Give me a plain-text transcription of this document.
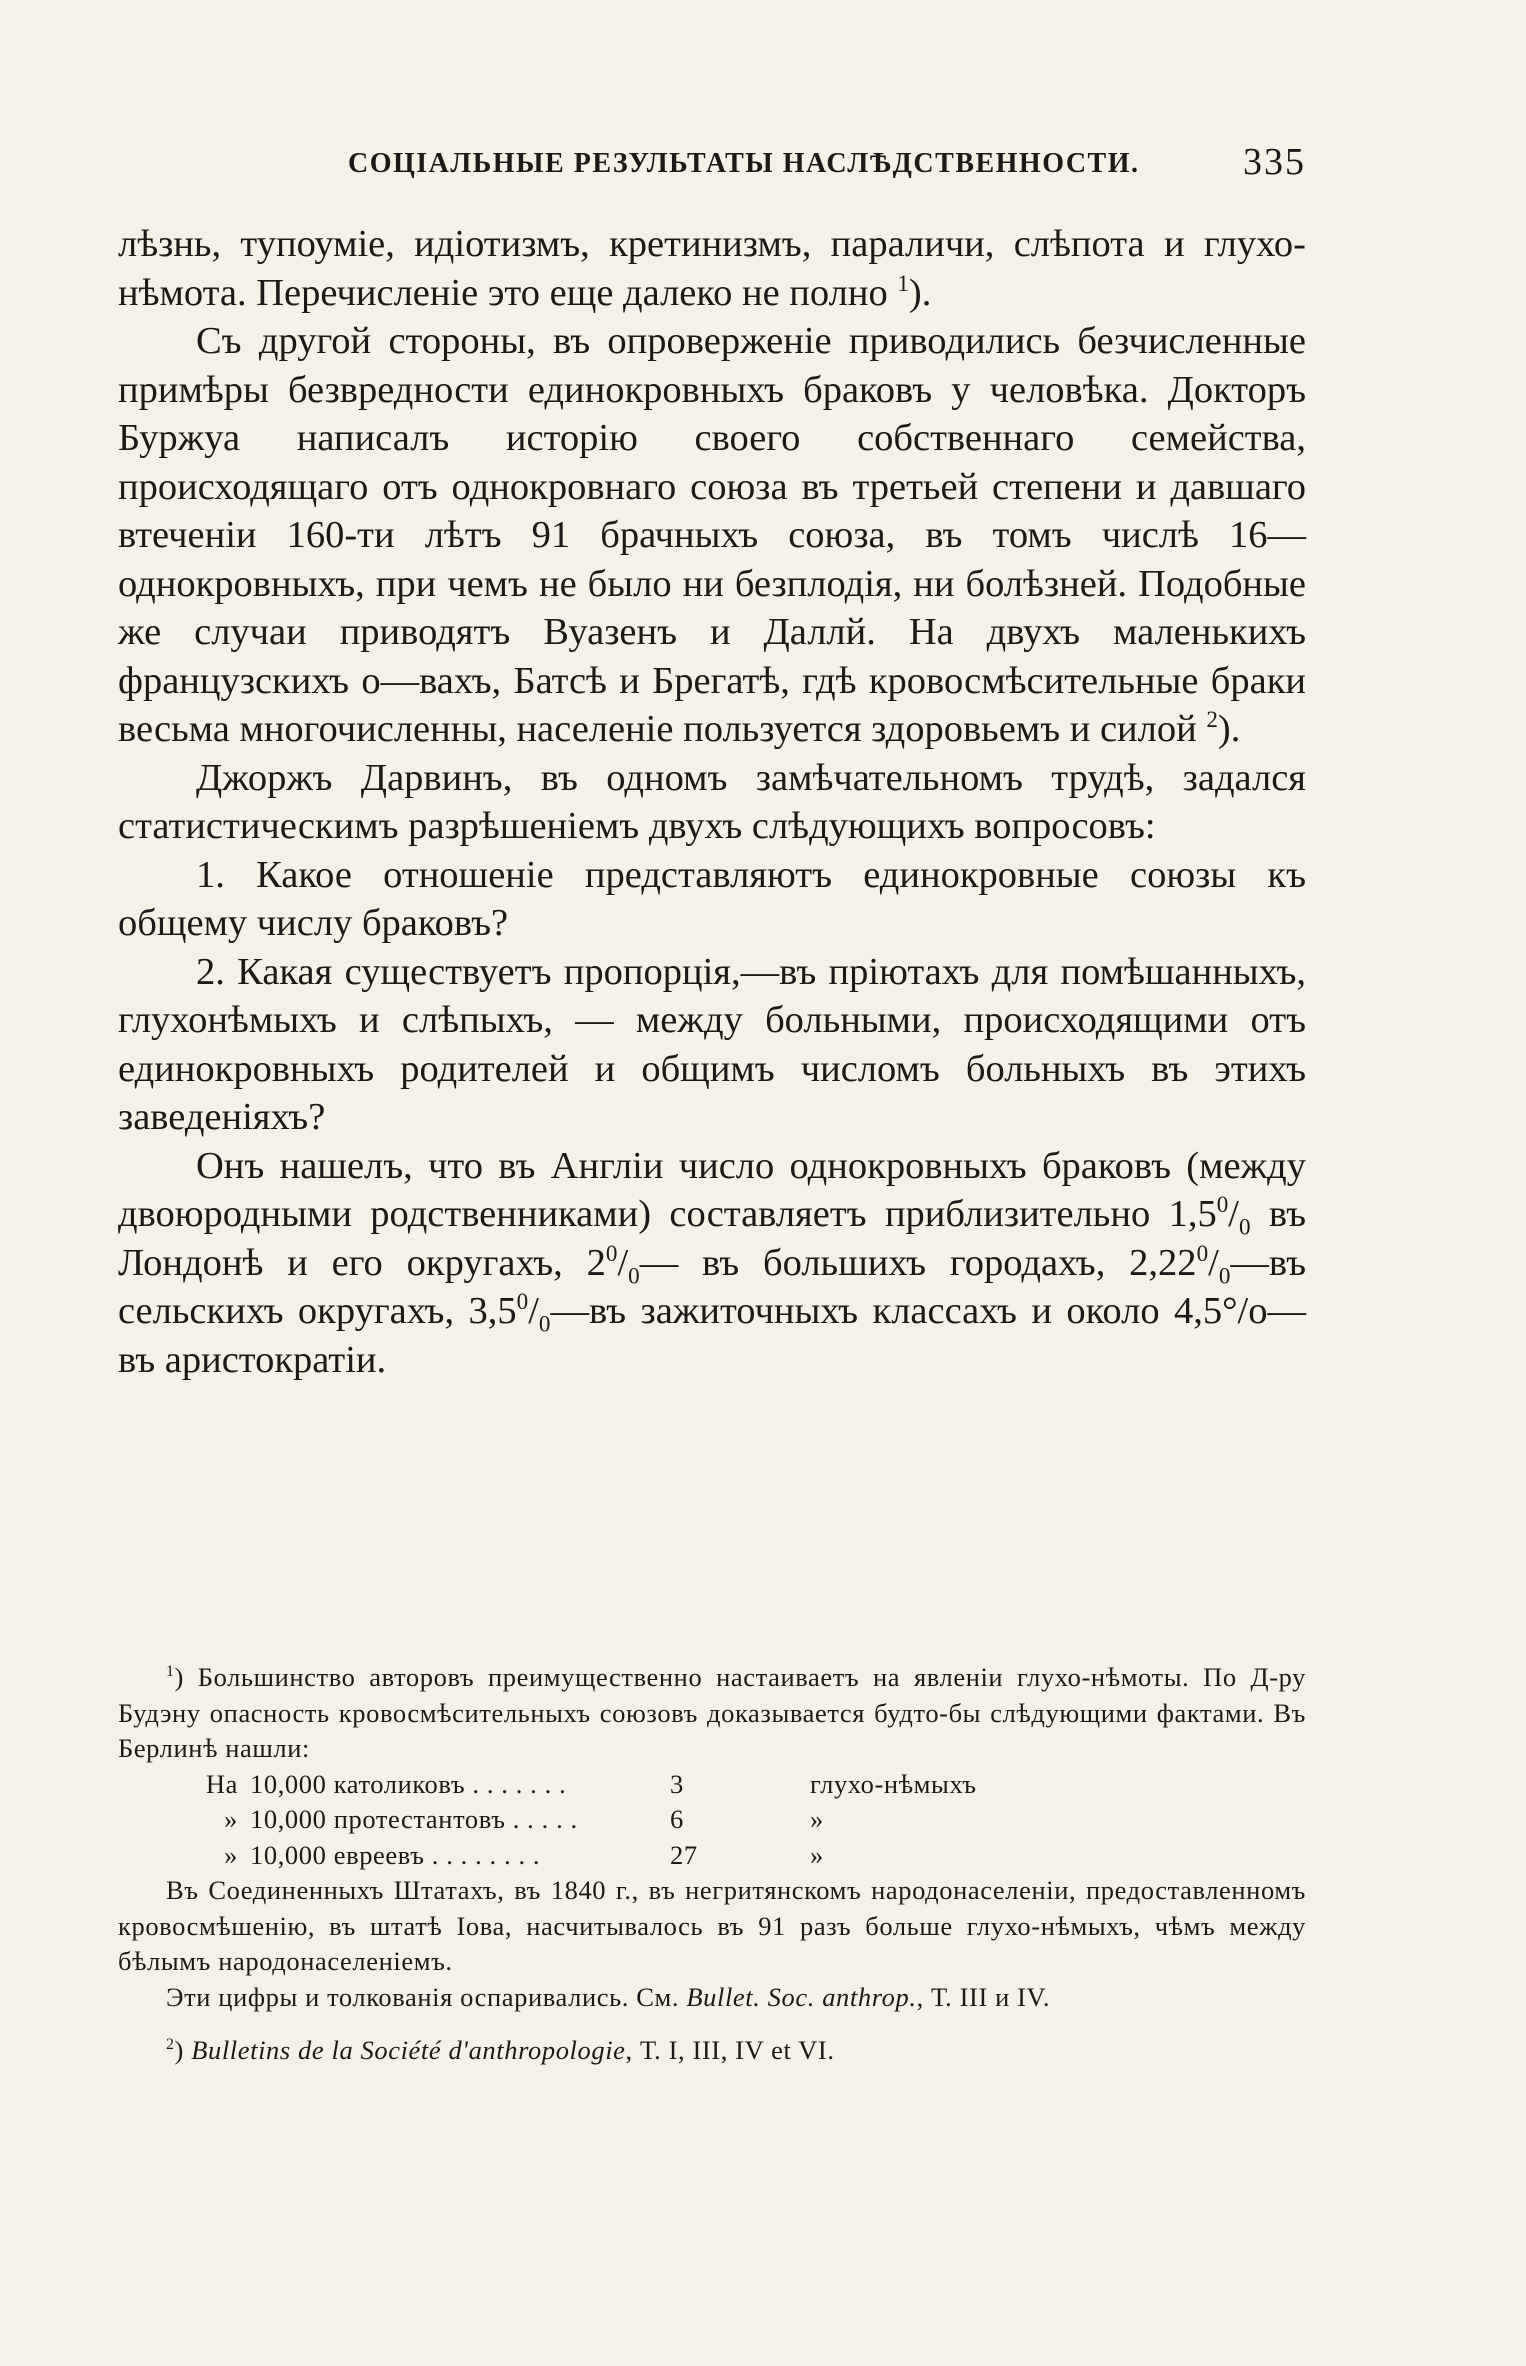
СОЦІАЛЬНЫЕ РЕЗУЛЬТАТЫ НАСЛѢДСТВЕННОСТИ.	335

лѣзнь, тупоуміе, идіотизмъ, кретинизмъ, параличи, слѣпота и глухо-нѣмота. Перечисленіе это еще далеко не полно $^1$).

Съ другой стороны, въ опроверженіе приводились безчисленные примѣры безвредности единокровныхъ браковъ у человѣка. Докторъ Буржуа написалъ исторію своего собственнаго семейства, происходящаго отъ однокровнаго союза въ третьей степени и давшаго втеченіи 160-ти лѣтъ 91 брачныхъ союза, въ томъ числѣ 16—однокровныхъ, при чемъ не было ни безплодія, ни болѣзней. Подобные же случаи приводятъ Вуазенъ и Даллй. На двухъ маленькихъ французскихъ о—вахъ, Батсѣ и Брегатѣ, гдѣ кровосмѣсительные браки весьма многочисленны, населеніе пользуется здоровьемъ и силой $^2$).

Джоржъ Дарвинъ, въ одномъ замѣчательномъ трудѣ, задался статистическимъ разрѣшеніемъ двухъ слѣдующихъ вопросовъ:

1. Какое отношеніе представляютъ единокровные союзы къ общему числу браковъ?

2. Какая существуетъ пропорція,—въ пріютахъ для помѣшанныхъ, глухонѣмыхъ и слѣпыхъ, — между больными, происходящими отъ единокровныхъ родителей и общимъ числомъ больныхъ въ этихъ заведеніяхъ?

Онъ нашелъ, что въ Англіи число однокровныхъ браковъ (между двоюродными родственниками) составляетъ приблизительно $1,5^0/_0$ въ Лондонѣ и его округахъ, $2^0/_0—$ въ большихъ городахъ, $2,22^0/_0—въ$ сельскихъ округахъ, $3,5^0/_0—въ$ зажиточныхъ классахъ и около 4,5°/о— въ аристократіи.

$^1$) Большинство авторовъ преимущественно настаиваетъ на явленіи глухо-нѣмоты. По Д-ру Будэну опасность кровосмѣсительныхъ союзовъ доказывается будто-бы слѣдующими фактами. Въ Берлинѣ нашли:

На 10,000 католиковъ . . . . . . .	3	глухо-нѣмыхъ
» 10,000 протестантовъ . . . . .	6	»
» 10,000 евреевъ . . . . . . . .	27	»

Въ Соединенныхъ Штатахъ, въ 1840 г., въ негритянскомъ народонаселеніи, предоставленномъ кровосмѣшенію, въ штатѣ Іова, насчитывалось въ 91 разъ больше глухо-нѣмыхъ, чѣмъ между бѣлымъ народонаселеніемъ.

Эти цифры и толкованія оспаривались. См. Bullet. Soc. anthrop., Т. III и IV.

$^2$) Bulletins de la Société d'anthropologie, Т. I, III, IV et VI.
